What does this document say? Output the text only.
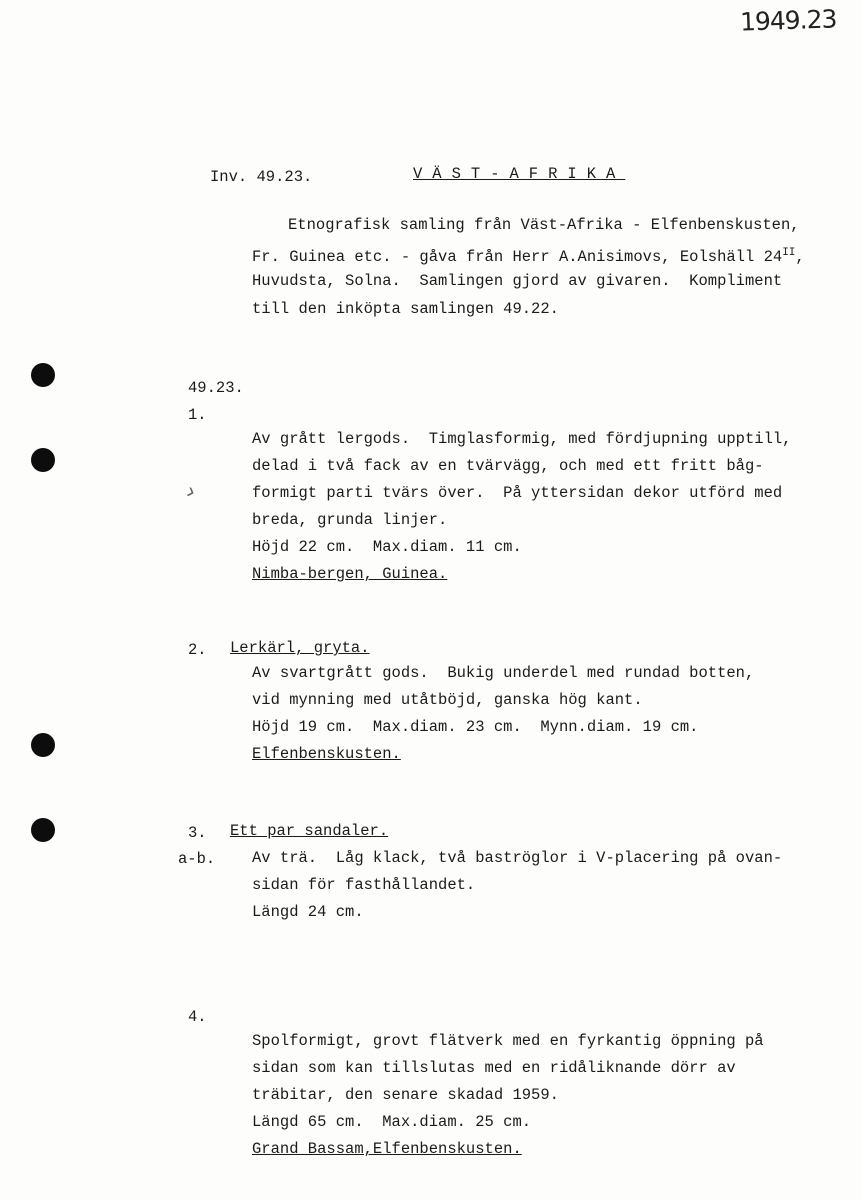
1949.23
Inv. 49.23.	VÄST-AFRIKA
Etnografisk samling från Väst-Afrika - Elfenbenskusten,
Fr. Guinea etc. - gåva från Herr A.Anisimovs, Eolshäll $24^{II}$,
Huvudsta, Solna.  Samlingen gjord av givaren.  Kompliment
till den inköpta samlingen 49.22.
49.23.
1.
Av grått lergods.  Timglasformig, med fördjupning upptill,
delad i två fack av en tvärvägg, och med ett fritt båg-
formigt parti tvärs över.  På yttersidan dekor utförd med
breda, grunda linjer.
Höjd 22 cm.  Max.diam. 11 cm.
Nimba-bergen, Guinea.
›
2. Lerkärl, gryta.
Av svartgrått gods.  Bukig underdel med rundad botten,
vid mynning med utåtböjd, ganska hög kant.
Höjd 19 cm.  Max.diam. 23 cm.  Mynn.diam. 19 cm.
Elfenbenskusten.
3. Ett par sandaler.
a-b. Av trä.  Låg klack, två baströglor i V-placering på ovan-
sidan för fasthållandet.
Längd 24 cm.
4.
Spolformigt, grovt flätverk med en fyrkantig öppning på
sidan som kan tillslutas med en ridåliknande dörr av
träbitar, den senare skadad 1959.
Längd 65 cm.  Max.diam. 25 cm.
Grand Bassam,Elfenbenskusten.
